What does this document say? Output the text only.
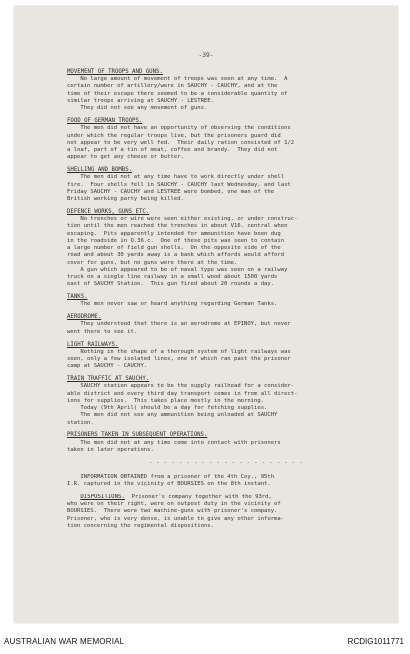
-39-
MOVEMENT OF TROOPS AND GUNS.
No large amount of movement of troops was seen at any time.  A
certain number of artillery/were in SAUCHY - CAUCHY, and at the
time of their escape there seemed to be a considerable quantity of
similar troops arriving at SAUCHY - LESTREE.
They did not see any movement of guns.
FOOD OF GERMAN TROOPS.
The men did not have an opportunity of observing the conditions
under which the regular troops live, but the prisoners guard did
not appear to be very well fed.  Their daily ration consisted of 1/2
a loaf, part of a tin of meat, coffee and brandy.  They did not
appear to get any cheese or butter.
SHELLING AND BOMBS.
The men did not at any time have to work directly under shell
fire.  Four shells fell in SAUCHY - CAUCHY last Wednesday, and last
Friday SAUCHY - CAUCHY and LESTREE were bombed, one man of the
British working party being killed.
DEFENCE WORKS, GUNS ETC.
No trenches or wire were seen either existing, or under construc-
tion until the men reached the trenches in about V16. central when
escaping.  Pits apparently intended for ammunition have been dug
in the roadside in Q.36.c.  One of these pits was seen to contain
a large number of field gun shells.  On the opposite side of the
road and about 30 yards away is a bank which affords would afford
cover for guns, but no guns were there at the time.
A gun which appeared to be of naval type was seen on a railway
truck on a single line railway in a small wood about 1500 yards
east of SAUCHY Station.  This gun fired about 20 rounds a day.
TANKS.
The men never saw or heard anything regarding German Tanks.
AERODROME.
They understood that there is an aerodrome at EPINOY, but never
went there to see it.
LIGHT RAILWAYS.
Nothing in the shape of a thorough system of light railways was
seen, only a few isolated lines, one of which ran past the prisoner
camp at SAUCHY - CAUCHY.
TRAIN TRAFFIC AT SAUCHY.
SAUCHY station appears to be the supply railhead for a consider-
able district and every third day transport comes in from all direct-
ions for supplies.  This takes place mostly in the morning.
Today (9th April) should be a day for fetching supplies.
The men did not see any ammunition being unloaded at SAUCHY
station.
PRISONERS TAKEN IN SUBSEQUENT OPERATIONS.
The men did not at any time come into contact with prisoners
taken in later operations.
- - - - - - - - - - - - - - - - - - - - -
INFORMATION OBTAINED from a prisoner of the 4th Coy., 95th
I.R. captured in the vicinity of BOURSIES on the 8th instant.
DISPOSITIONS.  Prisoner's company together with the 93rd,
who were on their right, were on outpost duty in the vicinity of
BOURSIES.  There were two machine-guns with prisoner's company.
Prisoner, who is very dense, is unable to give any other informa-
tion concerning the regimental dispositions.
AUSTRALIAN WAR MEMORIAL	RCDIG1011771
